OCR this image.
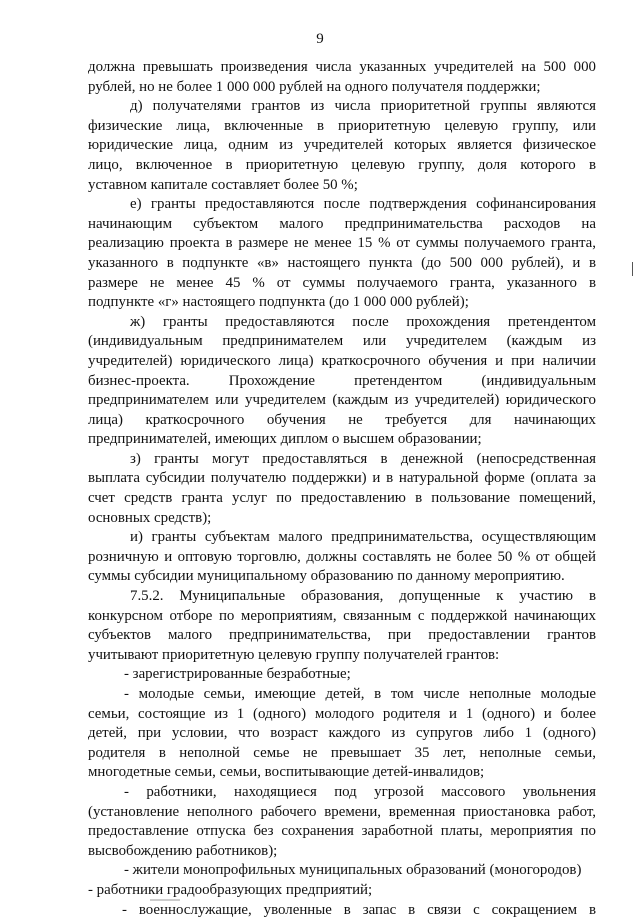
9
должна превышать произведения числа указанных учредителей на 500 000
рублей, но не более 1 000 000 рублей на одного получателя поддержки;
д) получателями грантов из числа приоритетной группы являются
физические лица, включенные в приоритетную целевую группу, или
юридические лица, одним из учредителей которых является физическое
лицо, включенное в приоритетную целевую группу, доля которого в
уставном капитале составляет более 50 %;
е) гранты предоставляются после подтверждения софинансирования
начинающим субъектом малого предпринимательства расходов на
реализацию проекта в размере не менее 15 % от суммы получаемого гранта,
указанного в подпункте «в» настоящего пункта (до 500 000 рублей), и в
размере не менее 45 % от суммы получаемого гранта, указанного в
подпункте «г» настоящего подпункта (до 1 000 000 рублей);
ж) гранты предоставляются после прохождения претендентом
(индивидуальным предпринимателем или учредителем (каждым из
учредителей) юридического лица) краткосрочного обучения и при наличии
бизнес-проекта. Прохождение претендентом (индивидуальным
предпринимателем или учредителем (каждым из учредителей) юридического
лица) краткосрочного обучения не требуется для начинающих
предпринимателей, имеющих диплом о высшем образовании;
з) гранты могут предоставляться в денежной (непосредственная
выплата субсидии получателю поддержки) и в натуральной форме (оплата за
счет средств гранта услуг по предоставлению в пользование помещений,
основных средств);
и) гранты субъектам малого предпринимательства, осуществляющим
розничную и оптовую торговлю, должны составлять не более 50 % от общей
суммы субсидии муниципальному образованию по данному мероприятию.
7.5.2. Муниципальные образования, допущенные к участию в
конкурсном отборе по мероприятиям, связанным с поддержкой начинающих
субъектов малого предпринимательства, при предоставлении грантов
учитывают приоритетную целевую группу получателей грантов:
- зарегистрированные безработные;
- молодые семьи, имеющие детей, в том числе неполные молодые
семьи, состоящие из 1 (одного) молодого родителя и 1 (одного) и более
детей, при условии, что возраст каждого из супругов либо 1 (одного)
родителя в неполной семье не превышает 35 лет, неполные семьи,
многодетные семьи, семьи, воспитывающие детей-инвалидов;
- работники, находящиеся под угрозой массового увольнения
(установление неполного рабочего времени, временная приостановка работ,
предоставление отпуска без сохранения заработной платы, мероприятия по
высвобождению работников);
- жители монопрофильных муниципальных образований (моногородов)
- работники градообразующих предприятий;
- военнослужащие, уволенные в запас в связи с сокращением в
